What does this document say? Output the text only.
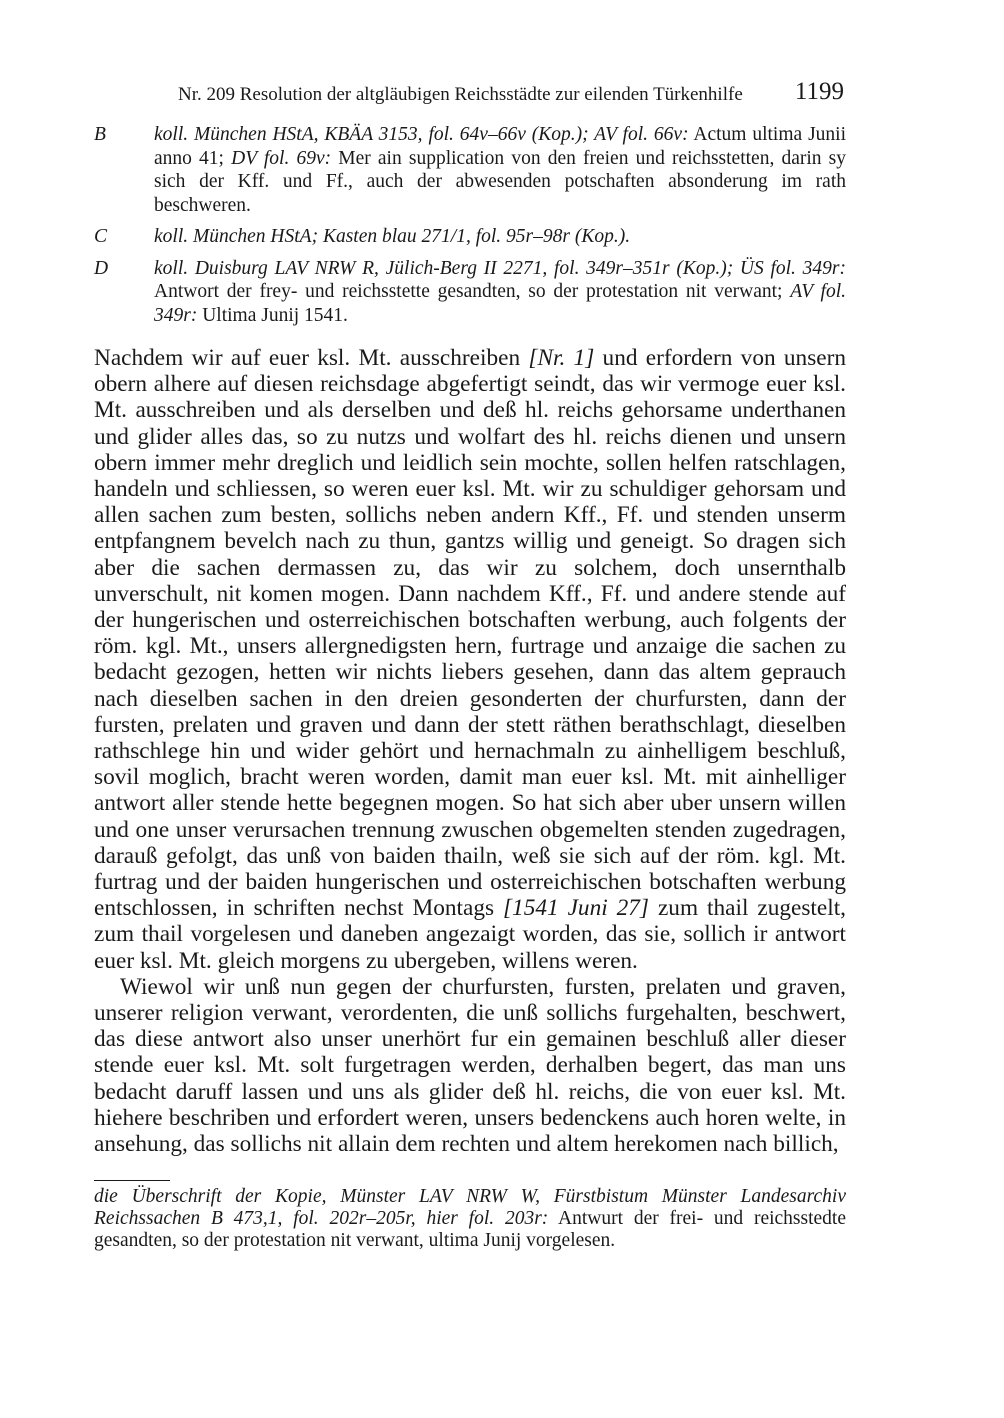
Nr. 209 Resolution der altgläubigen Reichsstädte zur eilenden Türkenhilfe 1199
B koll. München HStA, KBÄA 3153, fol. 64v–66v (Kop.); AV fol. 66v: Actum ultima Junii anno 41; DV fol. 69v: Mer ain supplication von den freien und reichsstetten, darin sy sich der Kff. und Ff., auch der abwesenden potschaften absonderung im rath beschweren.
C koll. München HStA; Kasten blau 271/1, fol. 95r–98r (Kop.).
D koll. Duisburg LAV NRW R, Jülich-Berg II 2271, fol. 349r–351r (Kop.); ÜS fol. 349r: Antwort der frey- und reichsstette gesandten, so der protestation nit verwant; AV fol. 349r: Ultima Junij 1541.

Nachdem wir auf euer ksl. Mt. ausschreiben [Nr. 1] und erfordern von unsern obern alhere auf diesen reichsdage abgefertigt seindt, das wir vermoge euer ksl. Mt. ausschreiben und als derselben und deß hl. reichs gehorsame underthanen und glider alles das, so zu nutzs und wolfart des hl. reichs dienen und unsern obern immer mehr dreglich und leidlich sein mochte, sollen helfen ratschlagen, handeln und schliessen, so weren euer ksl. Mt. wir zu schuldiger gehorsam und allen sachen zum besten, sollichs neben andern Kff., Ff. und stenden unserm entpfangnem bevelch nach zu thun, gantzs willig und geneigt. So dragen sich aber die sachen dermassen zu, das wir zu solchem, doch unsernthalb unverschult, nit komen mogen. Dann nachdem Kff., Ff. und andere stende auf der hungerischen und osterreichischen botschaften werbung, auch folgents der röm. kgl. Mt., unsers allergnedigsten hern, furtrage und anzaige die sachen zu bedacht gezogen, hetten wir nichts liebers gesehen, dann das altem geprauch nach dieselben sachen in den dreien gesonderten der churfursten, dann der fursten, prelaten und graven und dann der stett räthen berathschlagt, dieselben rathschlege hin und wider gehört und hernachmaln zu ainhelligem beschluß, sovil moglich, bracht weren worden, damit man euer ksl. Mt. mit ainhelliger antwort aller stende hette begegnen mogen. So hat sich aber uber unsern willen und one unser verursachen trennung zwuschen obgemelten stenden zugedragen, darauß gefolgt, das unß von baiden thailn, weß sie sich auf der röm. kgl. Mt. furtrag und der baiden hungerischen und osterreichischen botschaften werbung entschlossen, in schriften nechst Montags [1541 Juni 27] zum thail zugestelt, zum thail vorgelesen und daneben angezaigt worden, das sie, sollich ir antwort euer ksl. Mt. gleich morgens zu ubergeben, willens weren.

Wiewol wir unß nun gegen der churfursten, fursten, prelaten und graven, unserer religion verwant, verordenten, die unß sollichs furgehalten, beschwert, das diese antwort also unser unerhört fur ein gemainen beschluß aller dieser stende euer ksl. Mt. solt furgetragen werden, derhalben begert, das man uns bedacht daruff lassen und uns als glider deß hl. reichs, die von euer ksl. Mt. hiehere beschriben und erfordert weren, unsers bedenckens auch horen welte, in ansehung, das sollichs nit allain dem rechten und altem herekomen nach billich,

die Überschrift der Kopie, Münster LAV NRW W, Fürstbistum Münster Landesarchiv Reichssachen B 473,1, fol. 202r–205r, hier fol. 203r: Antwurt der frei- und reichsstedte gesandten, so der protestation nit verwant, ultima Junij vorgelesen.
